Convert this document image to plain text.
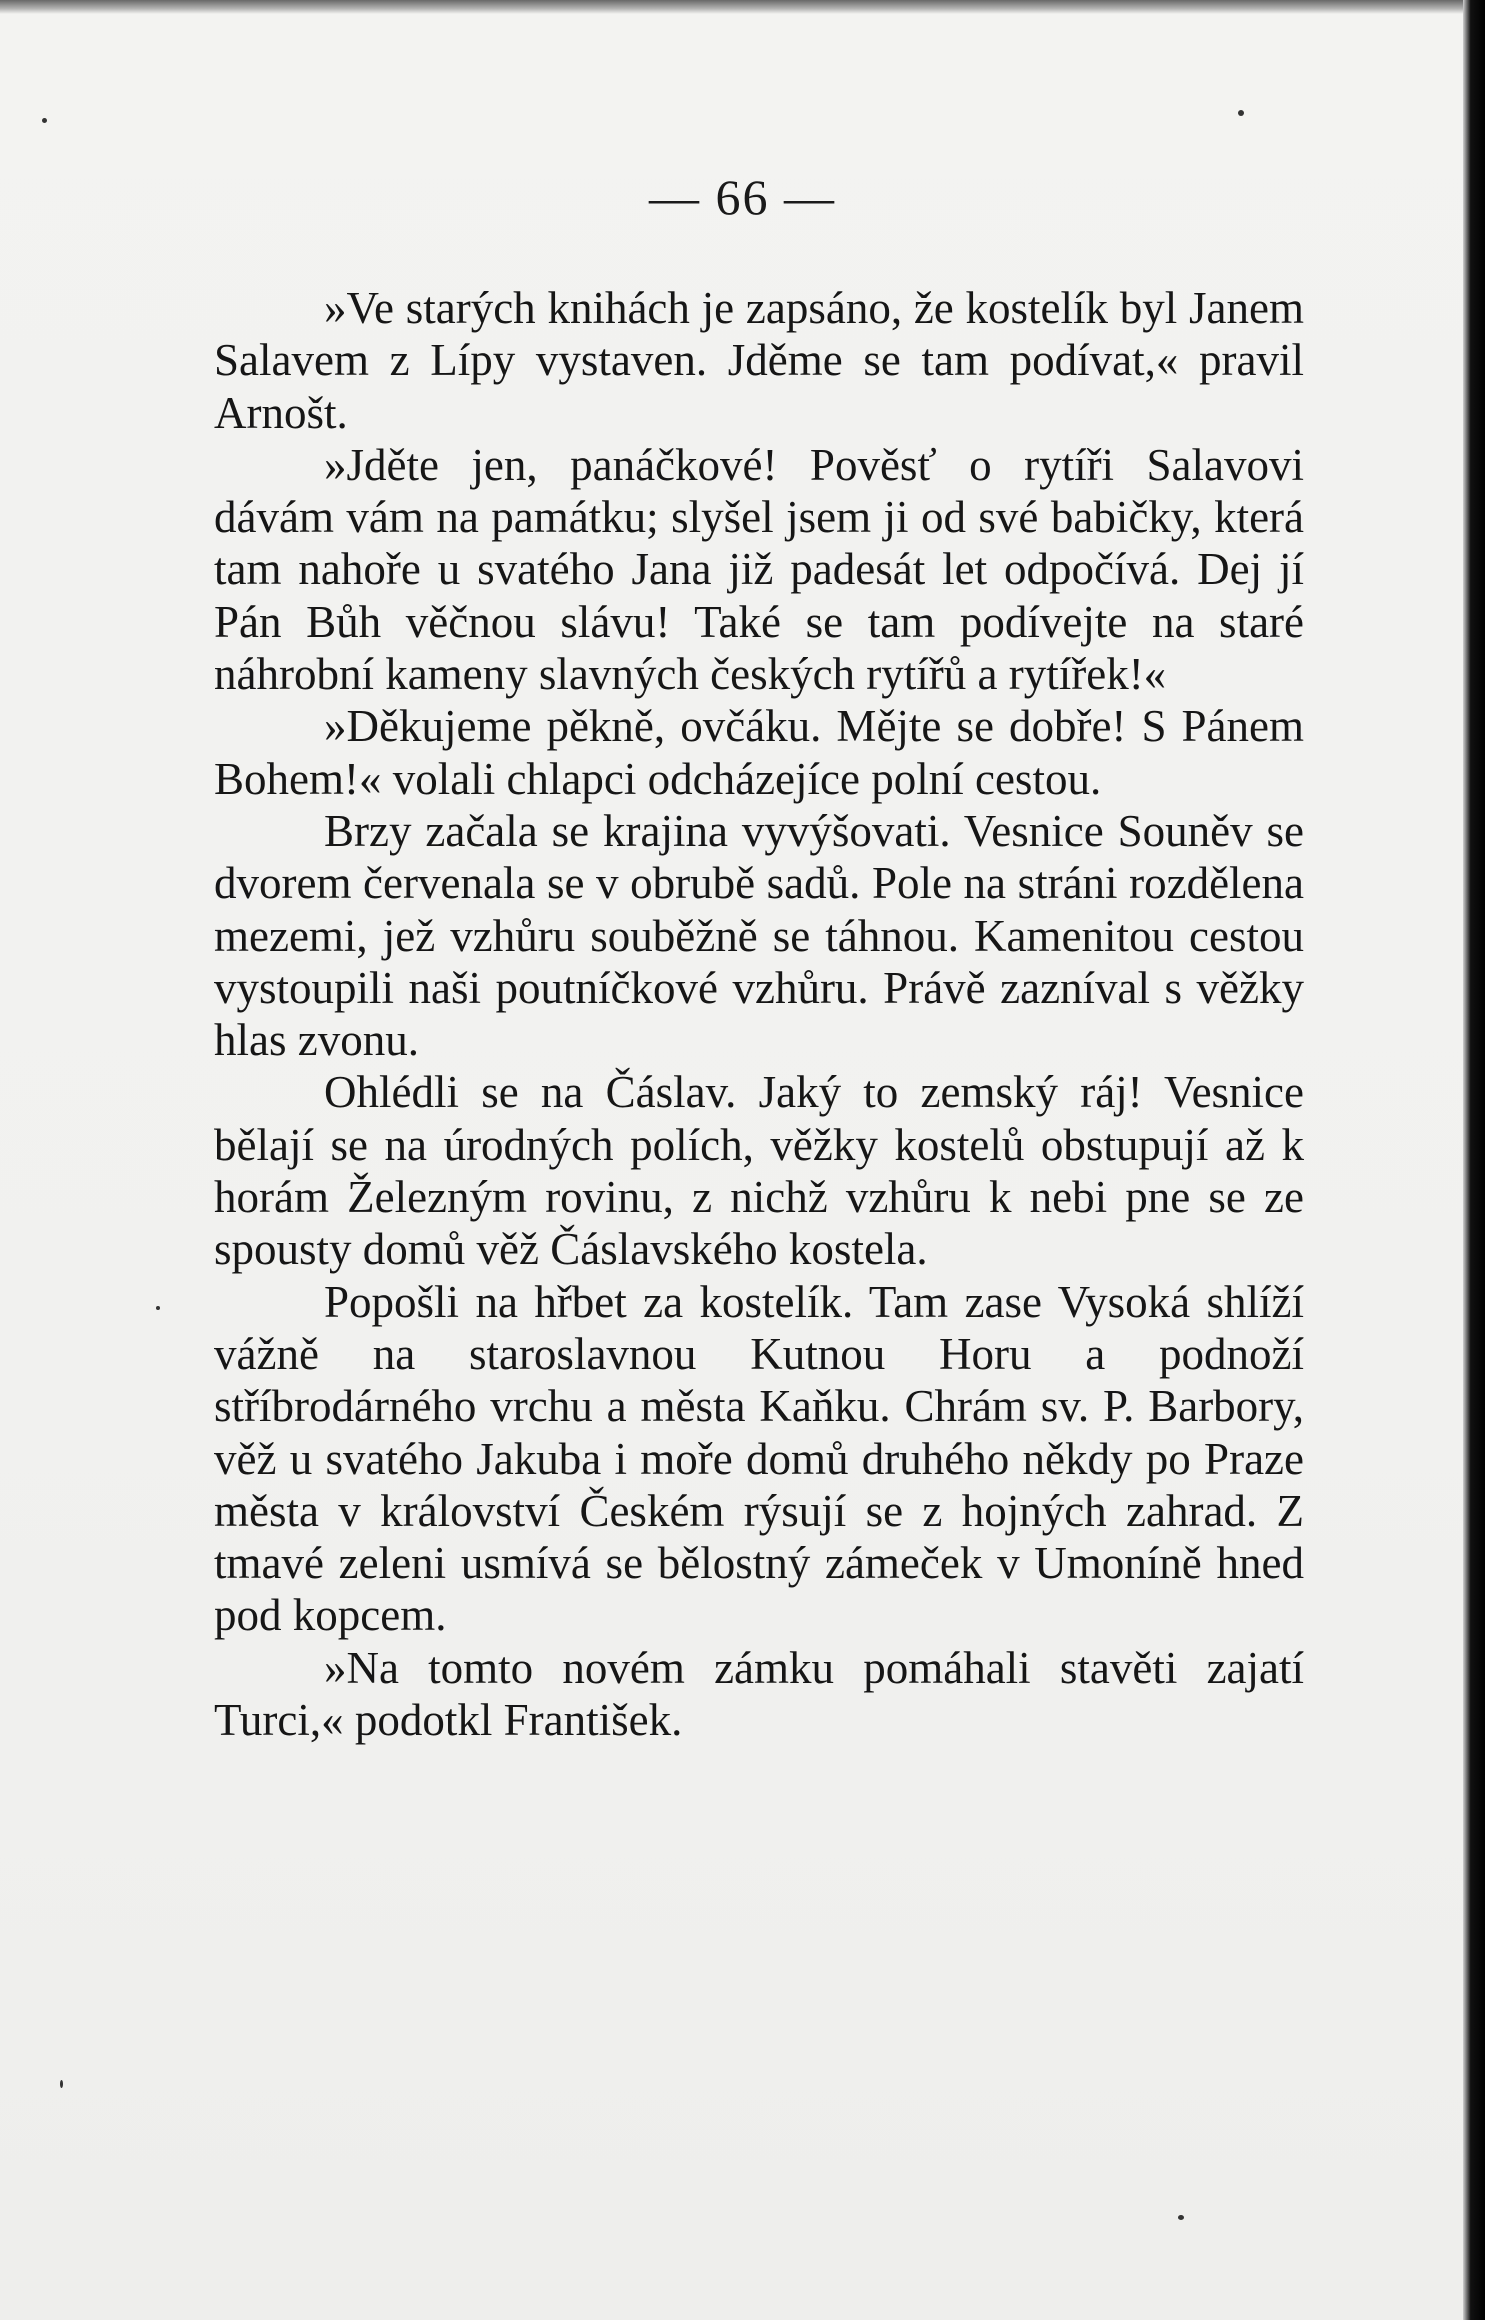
— 66 —

»Ve starých knihách je zapsáno, že kostelík byl Janem Salavem z Lípy vystaven. Jděme se tam podívat,« pravil Arnošt.

»Jděte jen, panáčkové! Pověsť o rytíři Salavovi dávám vám na památku; slyšel jsem ji od své babičky, která tam nahoře u svatého Jana již padesát let odpočívá. Dej jí Pán Bůh věčnou slávu! Také se tam podívejte na staré náhrobní kameny slavných českých rytířů a rytířek!«

»Děkujeme pěkně, ovčáku. Mějte se dobře! S Pánem Bohem!« volali chlapci odcházejíce polní cestou.

Brzy začala se krajina vyvýšovati. Vesnice Souněv se dvorem červenala se v obrubě sadů. Pole na stráni rozdělena mezemi, jež vzhůru souběžně se táhnou. Kamenitou cestou vystoupili naši poutníčkové vzhůru. Právě zazníval s věžky hlas zvonu.

Ohlédli se na Čáslav. Jaký to zemský ráj! Vesnice bělají se na úrodných polích, věžky kostelů obstupují až k horám Železným rovinu, z nichž vzhůru k nebi pne se ze spousty domů věž Čáslavského kostela.

Popošli na hřbet za kostelík. Tam zase Vysoká shlíží vážně na staroslavnou Kutnou Horu a podnoží stříbrodárného vrchu a města Kaňku. Chrám sv. P. Barbory, věž u svatého Jakuba i moře domů druhého někdy po Praze města v království Českém rýsují se z hojných zahrad. Z tmavé zeleni usmívá se bělostný zámeček v Umoníně hned pod kopcem.

»Na tomto novém zámku pomáhali stavěti zajatí Turci,« podotkl František.
